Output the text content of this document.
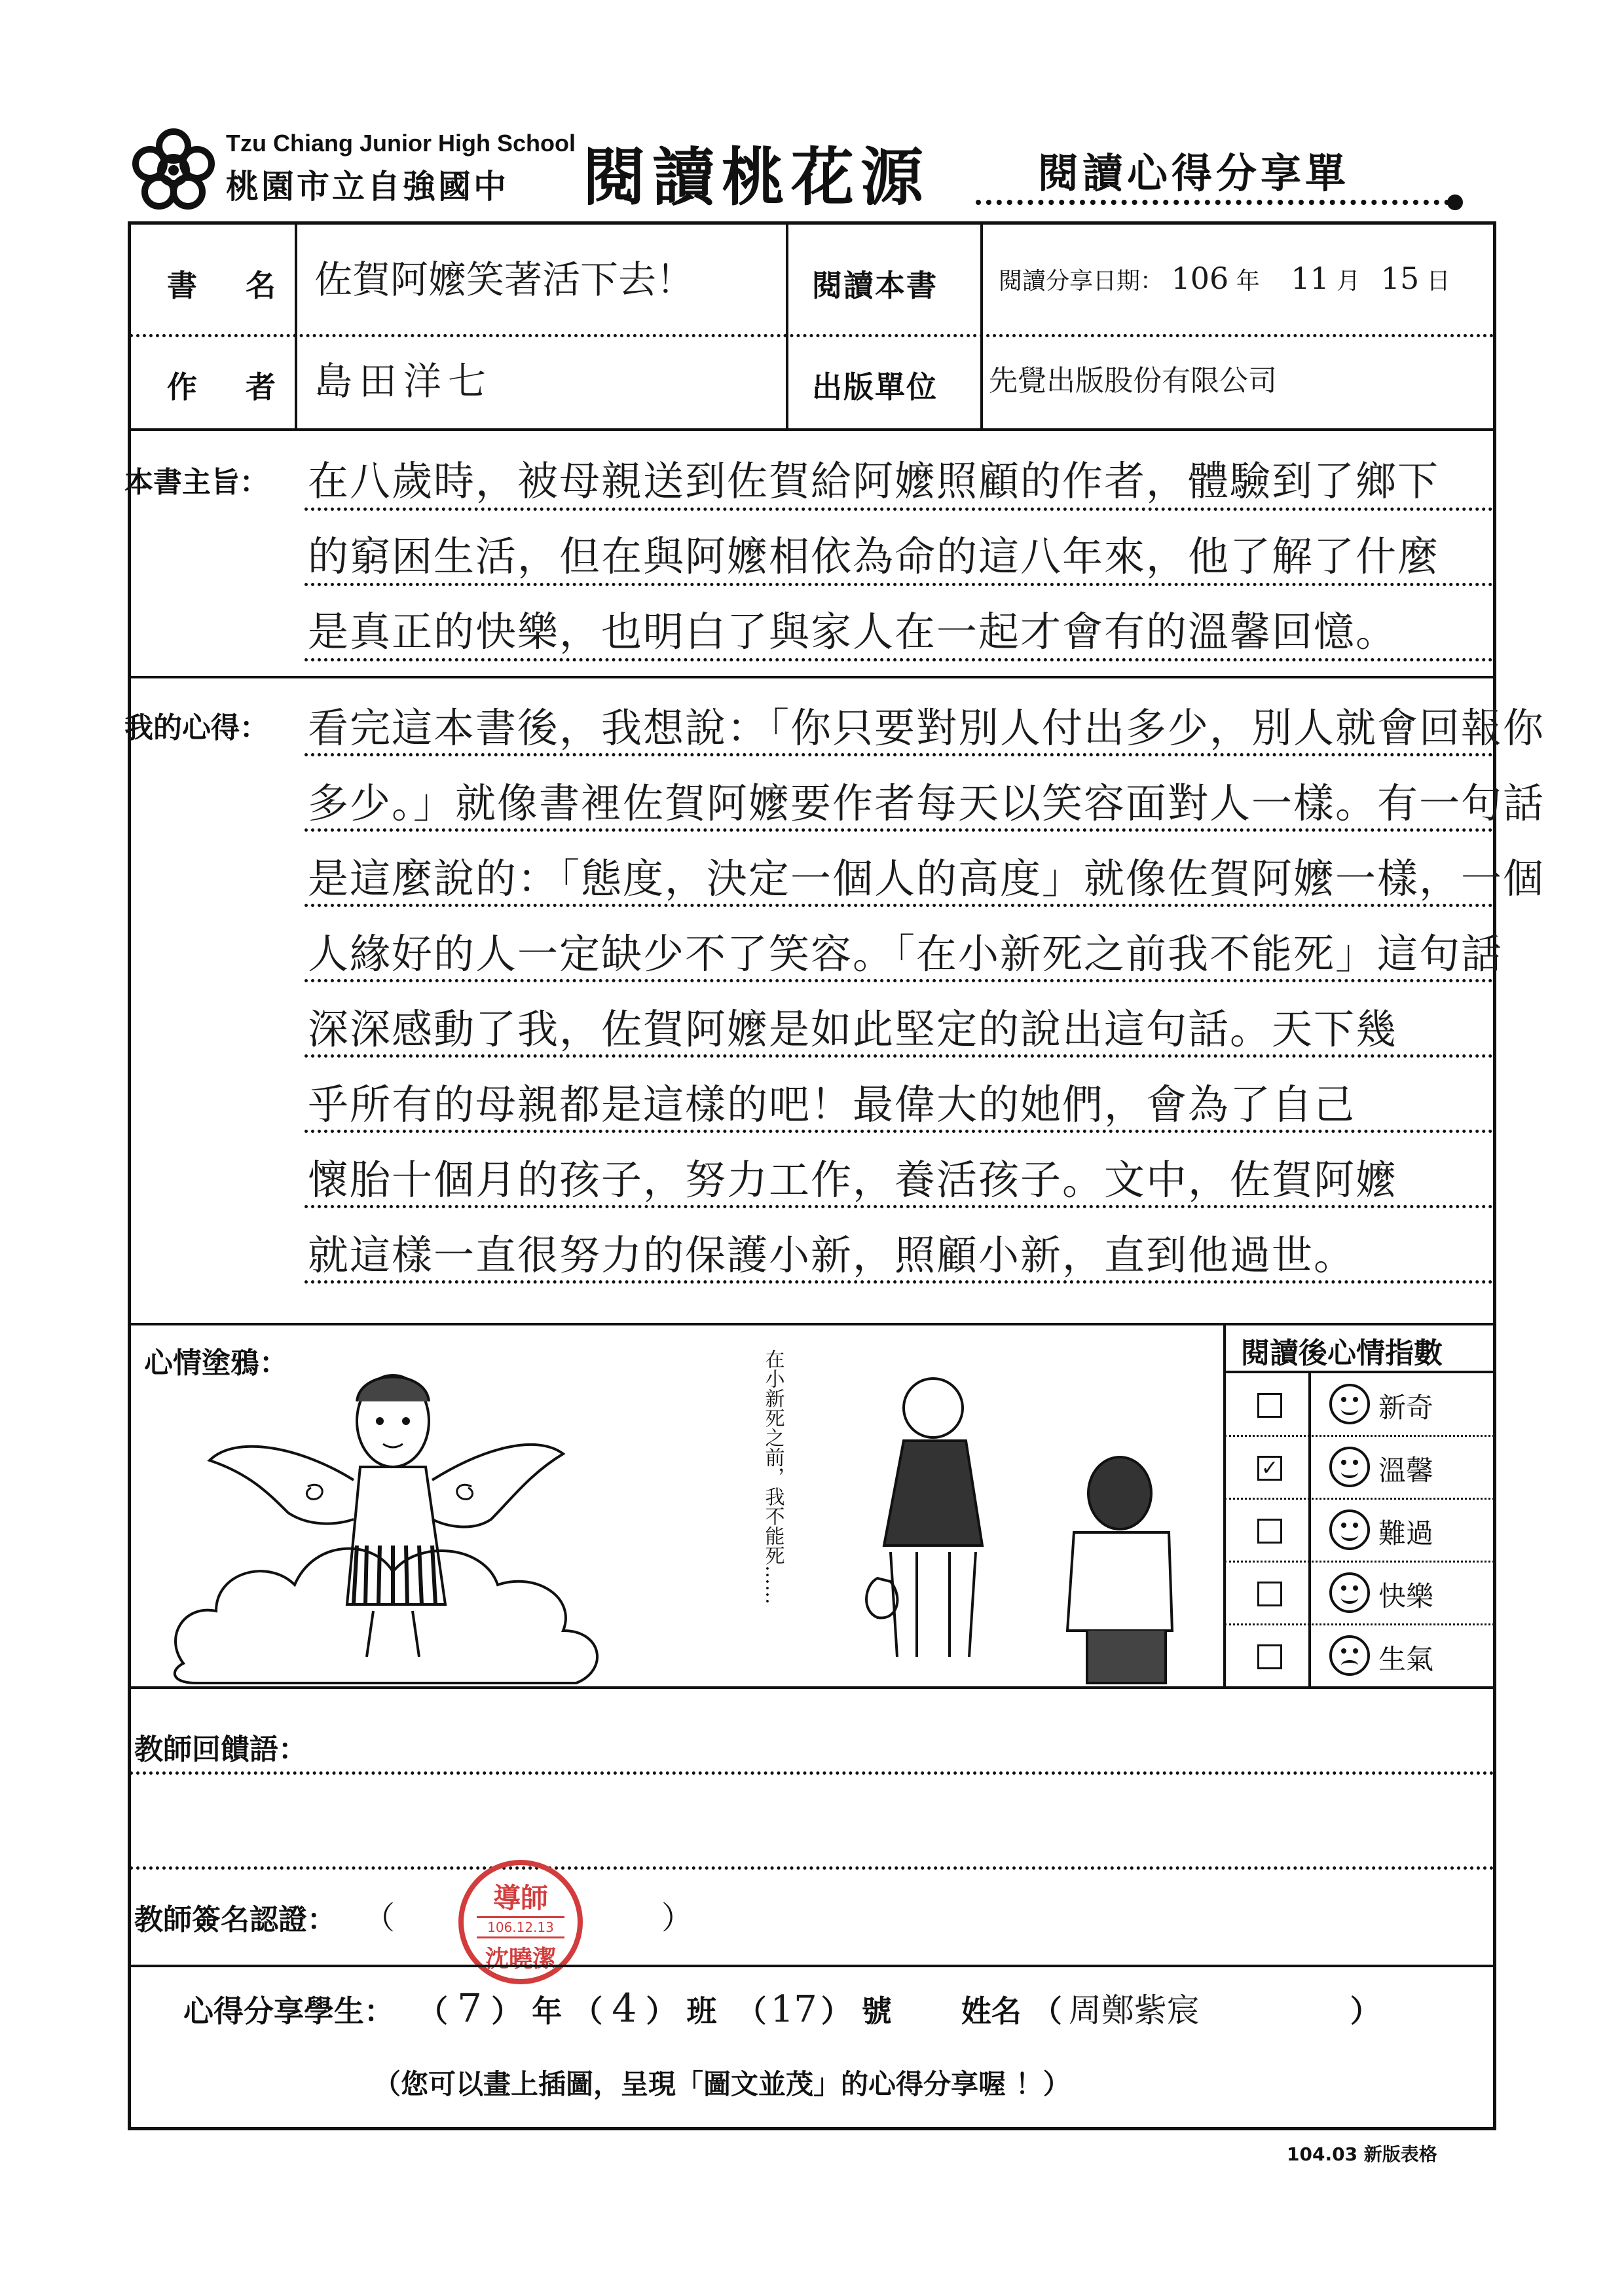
Tzu Chiang Junior High School
桃園市立自強國中 閱讀桃花源	閱讀心得分享單
書　名 佐賀阿嬤笑著活下去！	閱讀本書	閱讀分享日期： 106 年 11 月 15 日
作　者 島田洋七	出版單位 先覺出版股份有限公司
本書主旨： 在八歲時，被母親送到佐賀給阿嬤照顧的作者，體驗到了鄉下
的窮困生活，但在與阿嬤相依為命的這八年來，他了解了什麼
是真正的快樂，也明白了與家人在一起才會有的溫馨回憶。
我的心得： 看完這本書後，我想說：「你只要對別人付出多少，別人就會回報你
多少。」就像書裡佐賀阿嬤要作者每天以笑容面對人一樣。有一句話
是這麼說的：「態度，決定一個人的高度」就像佐賀阿嬤一樣，一個
人緣好的人一定缺少不了笑容。「在小新死之前我不能死」這句話
深深感動了我，佐賀阿嬤是如此堅定的說出這句話。天下幾
乎所有的母親都是這樣的吧！最偉大的她們，會為了自己
懷胎十個月的孩子，努力工作，養活孩子。文中，佐賀阿嬤
就這樣一直很努力的保護小新，照顧小新，直到他過世。
心情塗鴉：	在小新死之前，我不能死……	閱讀後心情指數
新奇
✓	溫馨
難過
快樂
生氣
教師回饋語：
教師簽名認證： （	）
導師
106.12.13
沈曉潔
心得分享學生： （ 7 ） 年 （ 4 ） 班 （ 17 ） 號 姓名 （ 周鄭紫宸	）
（您可以畫上插圖，呈現「圖文並茂」的心得分享喔 ！）
104.03 新版表格
